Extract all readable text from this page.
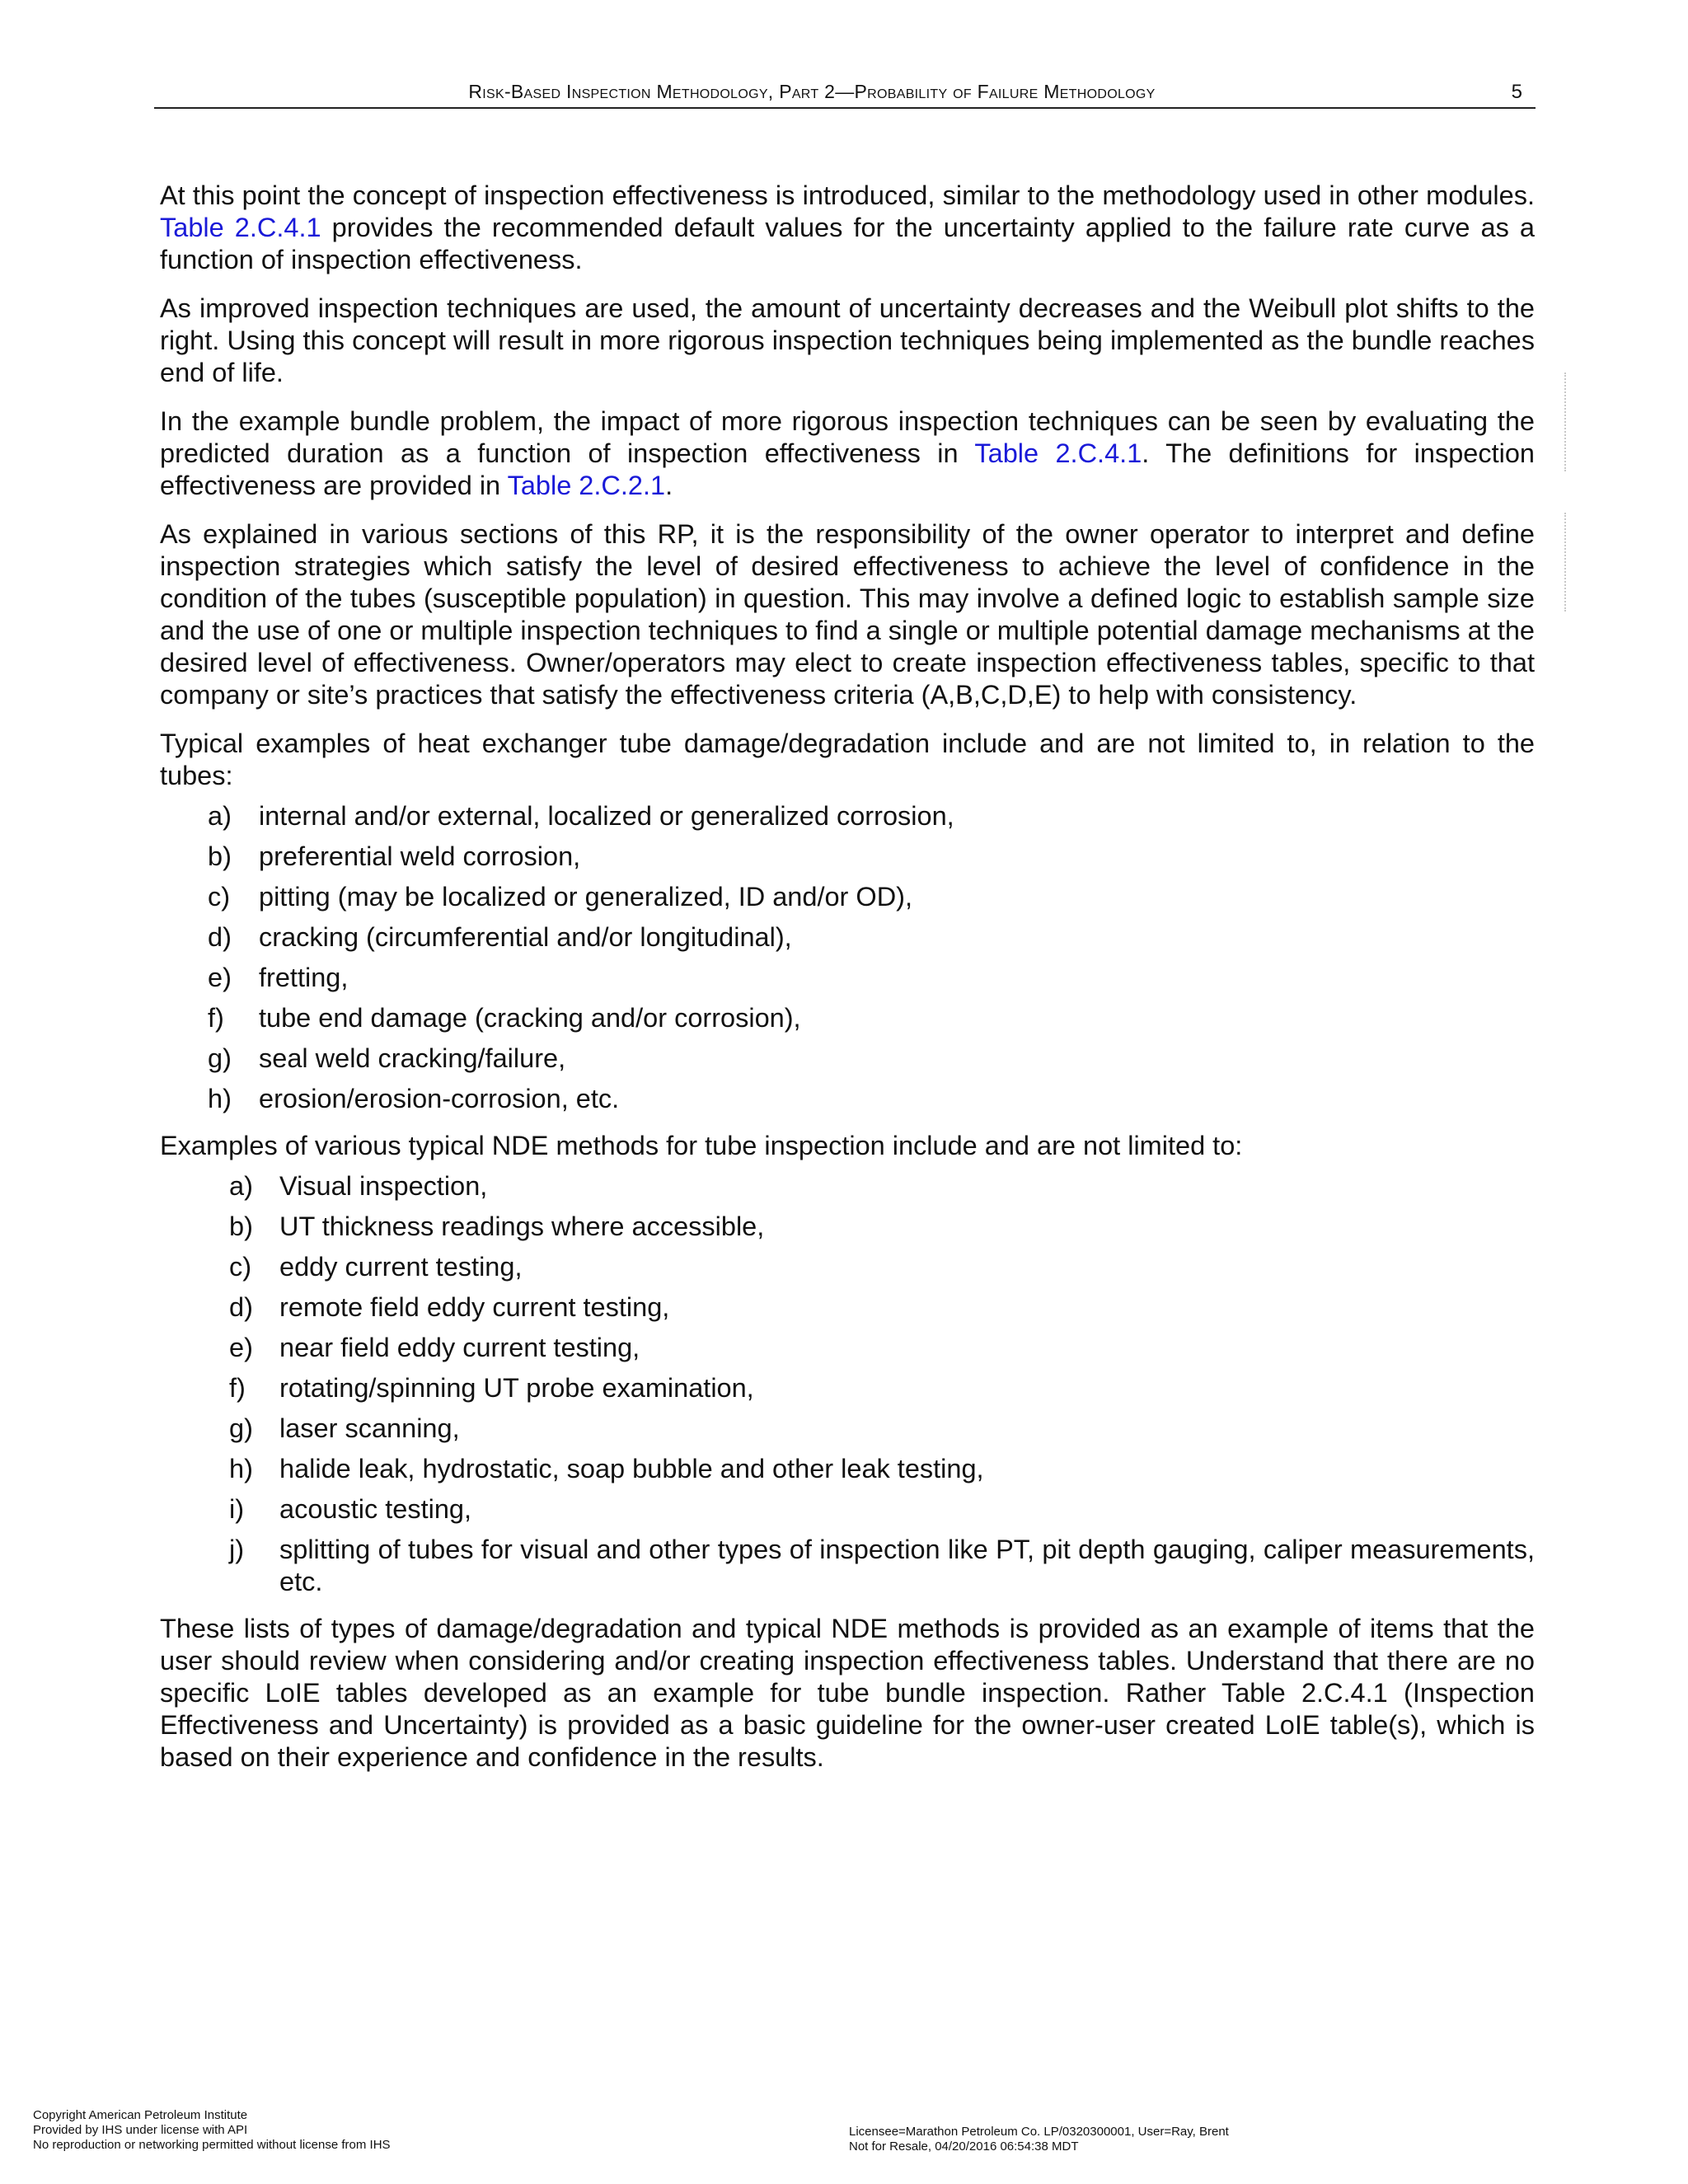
Risk-Based Inspection Methodology, Part 2—Probability of Failure Methodology	5

At this point the concept of inspection effectiveness is introduced, similar to the methodology used in other modules. Table 2.C.4.1 provides the recommended default values for the uncertainty applied to the failure rate curve as a function of inspection effectiveness.

As improved inspection techniques are used, the amount of uncertainty decreases and the Weibull plot shifts to the right. Using this concept will result in more rigorous inspection techniques being implemented as the bundle reaches end of life.

In the example bundle problem, the impact of more rigorous inspection techniques can be seen by evaluating the predicted duration as a function of inspection effectiveness in Table 2.C.4.1. The definitions for inspection effectiveness are provided in Table 2.C.2.1.

As explained in various sections of this RP, it is the responsibility of the owner operator to interpret and define inspection strategies which satisfy the level of desired effectiveness to achieve the level of confidence in the condition of the tubes (susceptible population) in question. This may involve a defined logic to establish sample size and the use of one or multiple inspection techniques to find a single or multiple potential damage mechanisms at the desired level of effectiveness. Owner/operators may elect to create inspection effectiveness tables, specific to that company or site’s practices that satisfy the effectiveness criteria (A,B,C,D,E) to help with consistency.

Typical examples of heat exchanger tube damage/degradation include and are not limited to, in relation to the tubes:

a) internal and/or external, localized or generalized corrosion,
b) preferential weld corrosion,
c) pitting (may be localized or generalized, ID and/or OD),
d) cracking (circumferential and/or longitudinal),
e) fretting,
f) tube end damage (cracking and/or corrosion),
g) seal weld cracking/failure,
h) erosion/erosion-corrosion, etc.

Examples of various typical NDE methods for tube inspection include and are not limited to:

a) Visual inspection,
b) UT thickness readings where accessible,
c) eddy current testing,
d) remote field eddy current testing,
e) near field eddy current testing,
f) rotating/spinning UT probe examination,
g) laser scanning,
h) halide leak, hydrostatic, soap bubble and other leak testing,
i) acoustic testing,
j) splitting of tubes for visual and other types of inspection like PT, pit depth gauging, caliper measurements, etc.

These lists of types of damage/degradation and typical NDE methods is provided as an example of items that the user should review when considering and/or creating inspection effectiveness tables. Understand that there are no specific LoIE tables developed as an example for tube bundle inspection. Rather Table 2.C.4.1 (Inspection Effectiveness and Uncertainty) is provided as a basic guideline for the owner-user created LoIE table(s), which is based on their experience and confidence in the results.

Copyright American Petroleum Institute
Provided by IHS under license with API
No reproduction or networking permitted without license from IHS
Licensee=Marathon Petroleum Co. LP/0320300001, User=Ray, Brent
Not for Resale, 04/20/2016 06:54:38 MDT
